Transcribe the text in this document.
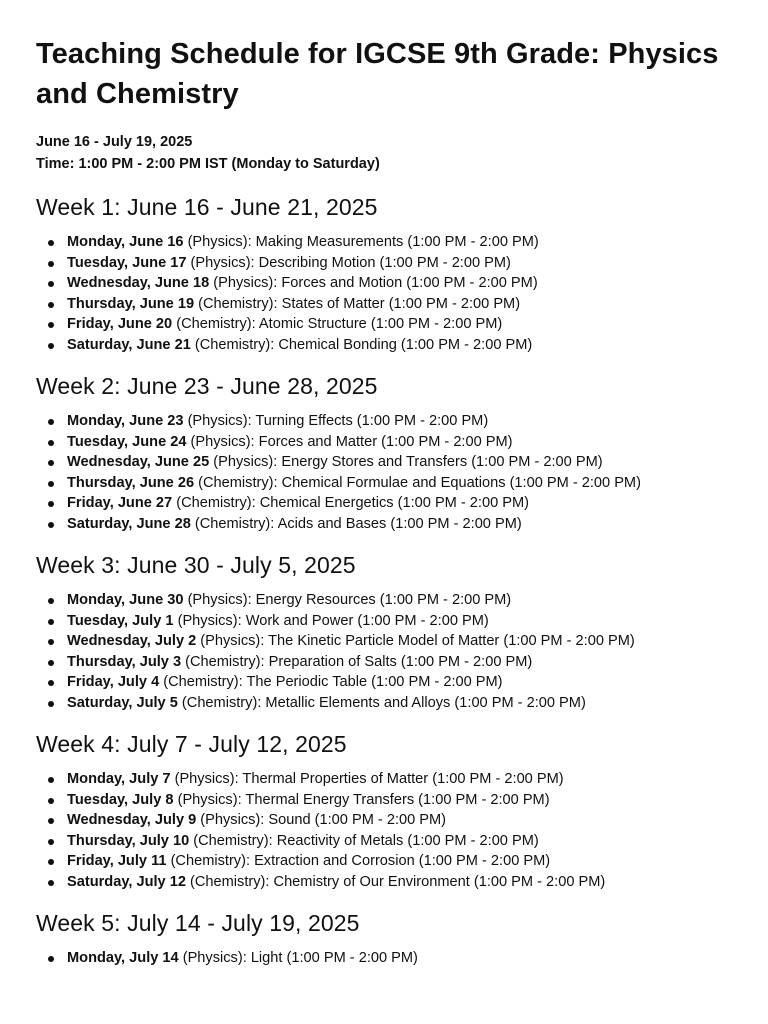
Teaching Schedule for IGCSE 9th Grade: Physics and Chemistry
June 16 - July 19, 2025
Time: 1:00 PM - 2:00 PM IST (Monday to Saturday)
Week 1: June 16 - June 21, 2025
Monday, June 16 (Physics): Making Measurements (1:00 PM - 2:00 PM)
Tuesday, June 17 (Physics): Describing Motion (1:00 PM - 2:00 PM)
Wednesday, June 18 (Physics): Forces and Motion (1:00 PM - 2:00 PM)
Thursday, June 19 (Chemistry): States of Matter (1:00 PM - 2:00 PM)
Friday, June 20 (Chemistry): Atomic Structure (1:00 PM - 2:00 PM)
Saturday, June 21 (Chemistry): Chemical Bonding (1:00 PM - 2:00 PM)
Week 2: June 23 - June 28, 2025
Monday, June 23 (Physics): Turning Effects (1:00 PM - 2:00 PM)
Tuesday, June 24 (Physics): Forces and Matter (1:00 PM - 2:00 PM)
Wednesday, June 25 (Physics): Energy Stores and Transfers (1:00 PM - 2:00 PM)
Thursday, June 26 (Chemistry): Chemical Formulae and Equations (1:00 PM - 2:00 PM)
Friday, June 27 (Chemistry): Chemical Energetics (1:00 PM - 2:00 PM)
Saturday, June 28 (Chemistry): Acids and Bases (1:00 PM - 2:00 PM)
Week 3: June 30 - July 5, 2025
Monday, June 30 (Physics): Energy Resources (1:00 PM - 2:00 PM)
Tuesday, July 1 (Physics): Work and Power (1:00 PM - 2:00 PM)
Wednesday, July 2 (Physics): The Kinetic Particle Model of Matter (1:00 PM - 2:00 PM)
Thursday, July 3 (Chemistry): Preparation of Salts (1:00 PM - 2:00 PM)
Friday, July 4 (Chemistry): The Periodic Table (1:00 PM - 2:00 PM)
Saturday, July 5 (Chemistry): Metallic Elements and Alloys (1:00 PM - 2:00 PM)
Week 4: July 7 - July 12, 2025
Monday, July 7 (Physics): Thermal Properties of Matter (1:00 PM - 2:00 PM)
Tuesday, July 8 (Physics): Thermal Energy Transfers (1:00 PM - 2:00 PM)
Wednesday, July 9 (Physics): Sound (1:00 PM - 2:00 PM)
Thursday, July 10 (Chemistry): Reactivity of Metals (1:00 PM - 2:00 PM)
Friday, July 11 (Chemistry): Extraction and Corrosion (1:00 PM - 2:00 PM)
Saturday, July 12 (Chemistry): Chemistry of Our Environment (1:00 PM - 2:00 PM)
Week 5: July 14 - July 19, 2025
Monday, July 14 (Physics): Light (1:00 PM - 2:00 PM)
